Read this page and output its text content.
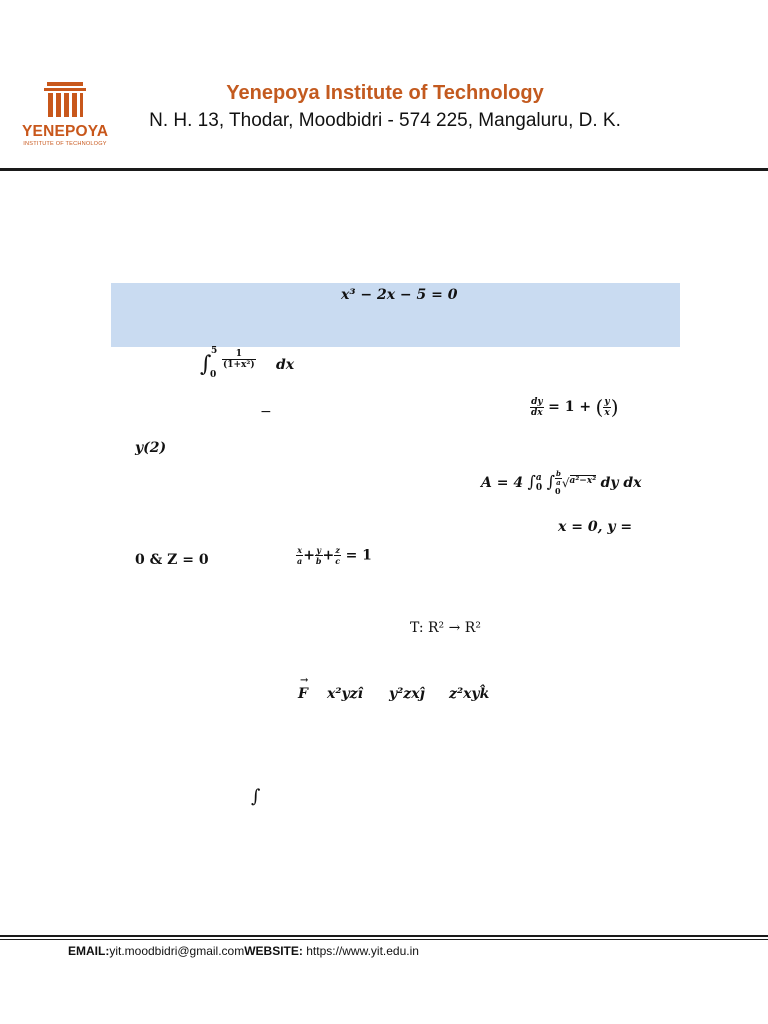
YENEPOYA
INSTITUTE OF TECHNOLOGY
Yenepoya Institute of Technology
N. H. 13, Thodar, Moodbidri - 574 225, Mangaluru, D. K.
x³ − 2x − 5 = 0
∫
5
0
$\frac{1}{\text{(1+x²)}}$ dx
−	$\frac{dy}{dx} = 1$ + ( $\frac{y}{x}$ )
y(2)
A = 4 ∫ a
0 ∫ $\frac{b}{a}$
0
√$^{a^2-x^2}$ dy dx
x = 0, y =
0 & Z = 0	$\frac{x}{a} + \frac{y}{b} + \frac{z}{c} = 1$
T: R² → R²
F
→
x²yzî y²zxĵ z²xyk̂
∫
EMAIL:yit.moodbidri@gmail.comWEBSITE: https://www.yit.edu.in
